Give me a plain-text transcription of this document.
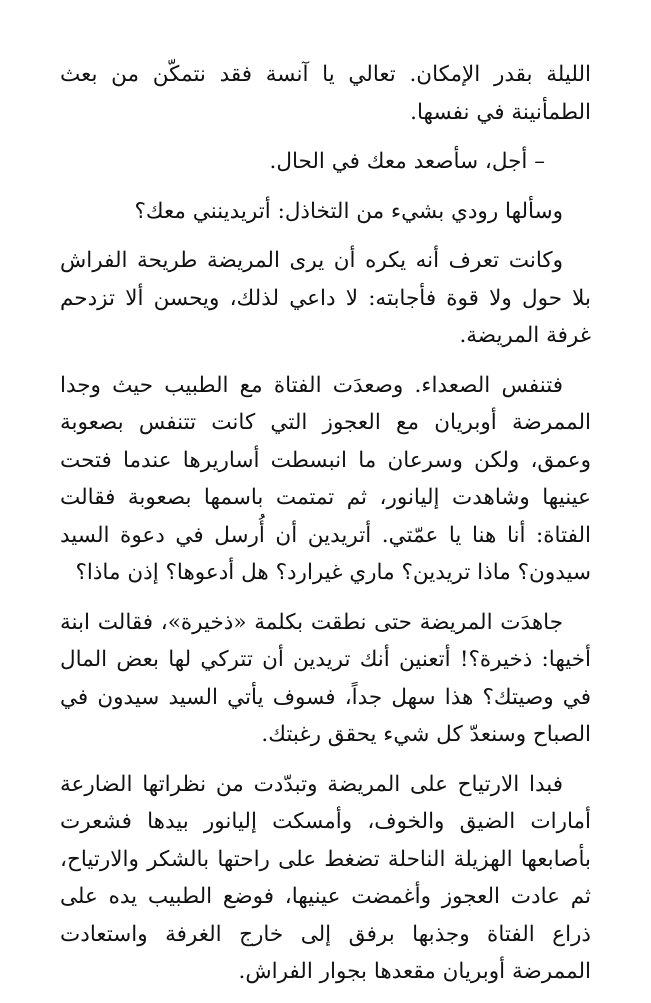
الليلة بقدر الإمكان. تعالي يا آنسة فقد نتمكّن من بعث الطمأنينة في نفسها.

– أجل، سأصعد معك في الحال.

وسألها رودي بشيء من التخاذل: أتريدينني معك؟

وكانت تعرف أنه يكره أن يرى المريضة طريحة الفراش بلا حول ولا قوة فأجابته: لا داعي لذلك، ويحسن ألا تزدحم غرفة المريضة.

فتنفس الصعداء. وصعدَت الفتاة مع الطبيب حيث وجدا الممرضة أوبريان مع العجوز التي كانت تتنفس بصعوبة وعمق، ولكن وسرعان ما انبسطت أساريرها عندما فتحت عينيها وشاهدت إليانور، ثم تمتمت باسمها بصعوبة فقالت الفتاة: أنا هنا يا عمّتي. أتريدين أن أُرسل في دعوة السيد سيدون؟ ماذا تريدين؟ ماري غيرارد؟ هل أدعوها؟ إذن ماذا؟

جاهدَت المريضة حتى نطقت بكلمة «ذخيرة»، فقالت ابنة أخيها: ذخيرة؟! أتعنين أنك تريدين أن تتركي لها بعض المال في وصيتك؟ هذا سهل جداً، فسوف يأتي السيد سيدون في الصباح وسنعدّ كل شيء يحقق رغبتك.

فبدا الارتياح على المريضة وتبدّدت من نظراتها الضارعة أمارات الضيق والخوف، وأمسكت إليانور بيدها فشعرت بأصابعها الهزيلة الناحلة تضغط على راحتها بالشكر والارتياح، ثم عادت العجوز وأغمضت عينيها، فوضع الطبيب يده على ذراع الفتاة وجذبها برفق إلى خارج الغرفة واستعادت الممرضة أوبريان مقعدها بجوار الفراش.
